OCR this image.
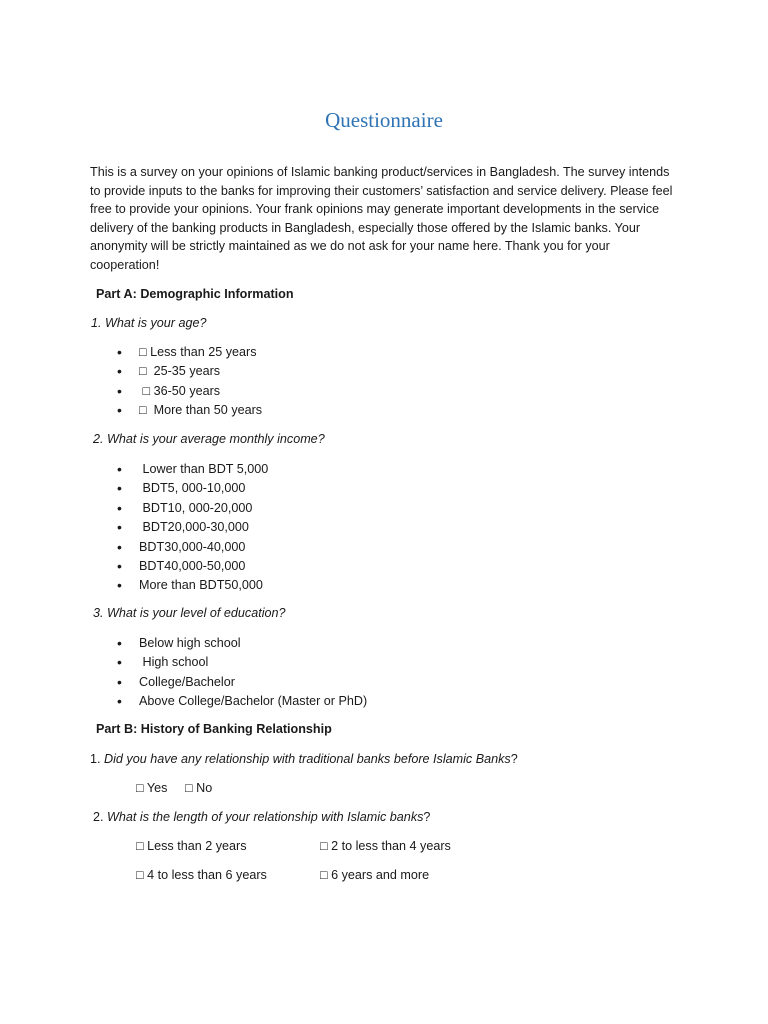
Questionnaire

This is a survey on your opinions of Islamic banking product/services in Bangladesh. The survey intends to provide inputs to the banks for improving their customers’ satisfaction and service delivery. Please feel free to provide your opinions. Your frank opinions may generate important developments in the service delivery of the banking products in Bangladesh, especially those offered by the Islamic banks. Your anonymity will be strictly maintained as we do not ask for your name here. Thank you for your cooperation!

Part A: Demographic Information

1. What is your age?

• □ Less than 25 years
• □  25-35 years
•  □ 36-50 years
• □  More than 50 years

2. What is your average monthly income?

•  Lower than BDT 5,000
•  BDT5, 000-10,000
•  BDT10, 000-20,000
•  BDT20,000-30,000
• BDT30,000-40,000
• BDT40,000-50,000
• More than BDT50,000

3. What is your level of education?

• Below high school
•  High school
• College/Bachelor
• Above College/Bachelor (Master or PhD)

Part B: History of Banking Relationship

1. Did you have any relationship with traditional banks before Islamic Banks?

□ Yes □ No

2. What is the length of your relationship with Islamic banks?

□ Less than 2 years	□ 2 to less than 4 years

□ 4 to less than 6 years	□ 6 years and more
